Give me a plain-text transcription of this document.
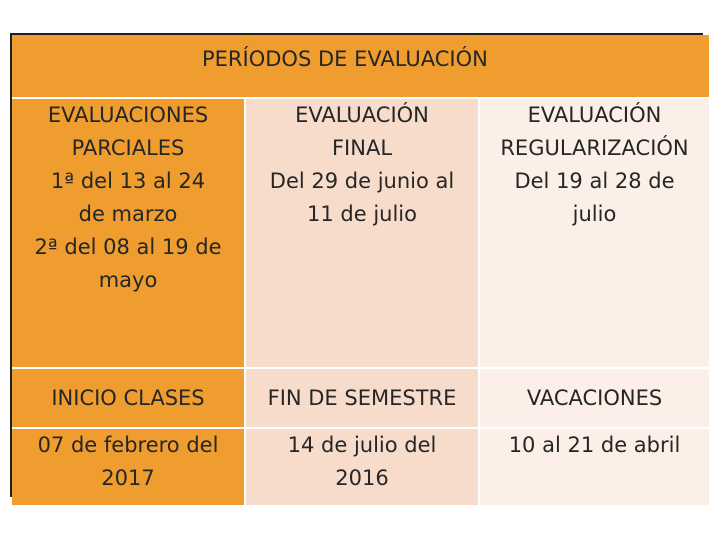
PERÍODOS DE EVALUACIÓN
EVALUACIONES
PARCIALES
1ª del 13 al 24
de marzo
2ª del 08 al 19 de
mayo
EVALUACIÓN
FINAL
Del 29 de junio al
11 de julio
EVALUACIÓN
REGULARIZACIÓN
Del 19 al 28 de
julio
INICIO CLASES	FIN DE SEMESTRE	VACACIONES
07 de febrero del
2017
14 de julio del
2016
10 al 21 de abril
